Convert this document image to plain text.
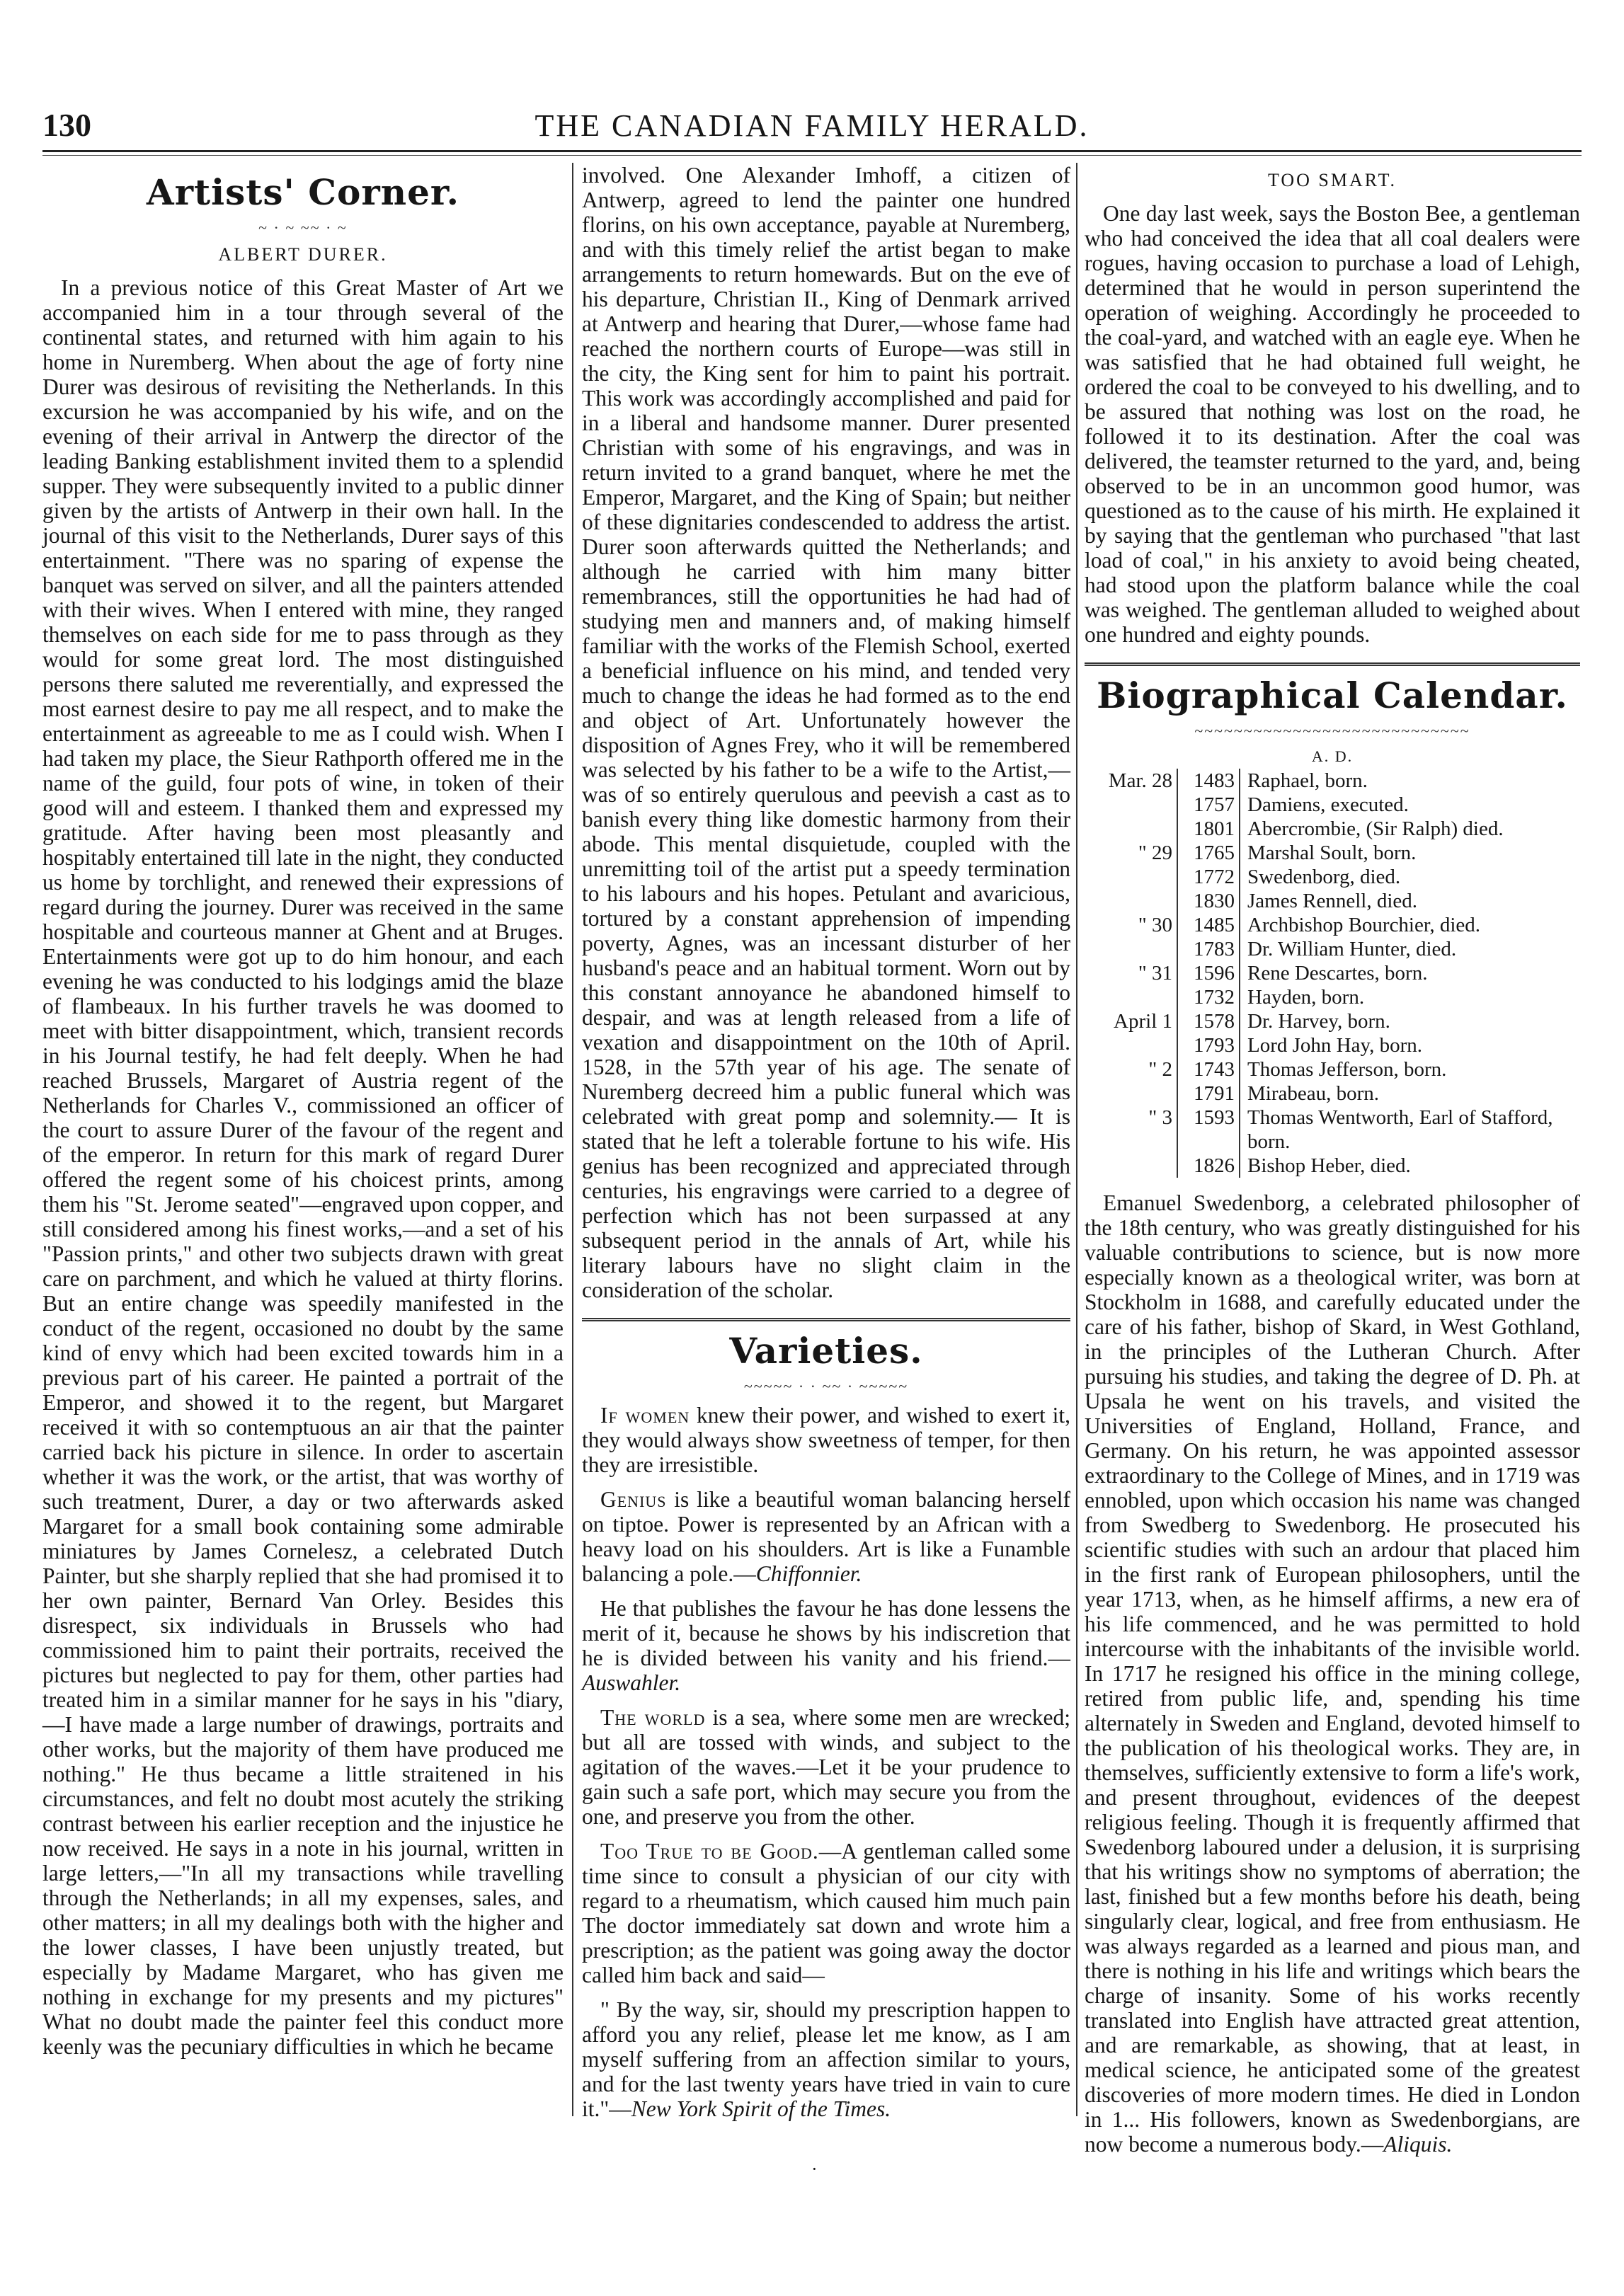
130	THE CANADIAN FAMILY HERALD.
Artists' Corner.
~ · ~ ~~ · ~
ALBERT DURER.

In a previous notice of this Great Master of Art we accompanied him in a tour through several of the continental states, and returned with him again to his home in Nuremberg. When about the age of forty nine Durer was desirous of revisiting the Netherlands. In this excursion he was accompanied by his wife, and on the evening of their arrival in Antwerp the director of the leading Banking establishment invited them to a splendid supper. They were subsequently invited to a public dinner given by the artists of Antwerp in their own hall. In the journal of this visit to the Netherlands, Durer says of this entertainment. "There was no sparing of expense the banquet was served on silver, and all the painters attended with their wives. When I entered with mine, they ranged themselves on each side for me to pass through as they would for some great lord. The most distinguished persons there saluted me reverentially, and expressed the most earnest desire to pay me all respect, and to make the entertainment as agreeable to me as I could wish. When I had taken my place, the Sieur Rathporth offered me in the name of the guild, four pots of wine, in token of their good will and esteem. I thanked them and expressed my gratitude. After having been most pleasantly and hospitably entertained till late in the night, they conducted us home by torchlight, and renewed their expressions of regard during the journey. Durer was received in the same hospitable and courteous manner at Ghent and at Bruges. Entertainments were got up to do him honour, and each evening he was conducted to his lodgings amid the blaze of flambeaux. In his further travels he was doomed to meet with bitter disappointment, which, transient records in his Journal testify, he had felt deeply. When he had reached Brussels, Margaret of Austria regent of the Netherlands for Charles V., commissioned an officer of the court to assure Durer of the favour of the regent and of the emperor. In return for this mark of regard Durer offered the regent some of his choicest prints, among them his "St. Jerome seated"—engraved upon copper, and still considered among his finest works,—and a set of his "Passion prints," and other two subjects drawn with great care on parchment, and which he valued at thirty florins. But an entire change was speedily manifested in the conduct of the regent, occasioned no doubt by the same kind of envy which had been excited towards him in a previous part of his career. He painted a portrait of the Emperor, and showed it to the regent, but Margaret received it with so contemptuous an air that the painter carried back his picture in silence. In order to ascertain whether it was the work, or the artist, that was worthy of such treatment, Durer, a day or two afterwards asked Margaret for a small book containing some admirable miniatures by James Cornelesz, a celebrated Dutch Painter, but she sharply replied that she had promised it to her own painter, Bernard Van Orley. Besides this disrespect, six individuals in Brussels who had commissioned him to paint their portraits, received the pictures but neglected to pay for them, other parties had treated him in a similar manner for he says in his "diary,—I have made a large number of drawings, portraits and other works, but the majority of them have produced me nothing." He thus became a little straitened in his circumstances, and felt no doubt most acutely the striking contrast between his earlier reception and the injustice he now received. He says in a note in his journal, written in large letters,—"In all my transactions while travelling through the Netherlands; in all my expenses, sales, and other matters; in all my dealings both with the higher and the lower classes, I have been unjustly treated, but especially by Madame Margaret, who has given me nothing in exchange for my presents and my pictures" What no doubt made the painter feel this conduct more keenly was the pecuniary difficulties in which he became

involved. One Alexander Imhoff, a citizen of Antwerp, agreed to lend the painter one hundred florins, on his own acceptance, payable at Nuremberg, and with this timely relief the artist began to make arrangements to return homewards. But on the eve of his departure, Christian II., King of Denmark arrived at Antwerp and hearing that Durer,—whose fame had reached the northern courts of Europe—was still in the city, the King sent for him to paint his portrait. This work was accordingly accomplished and paid for in a liberal and handsome manner. Durer presented Christian with some of his engravings, and was in return invited to a grand banquet, where he met the Emperor, Margaret, and the King of Spain; but neither of these dignitaries condescended to address the artist. Durer soon afterwards quitted the Netherlands; and although he carried with him many bitter remembrances, still the opportunities he had had of studying men and manners and, of making himself familiar with the works of the Flemish School, exerted a beneficial influence on his mind, and tended very much to change the ideas he had formed as to the end and object of Art. Unfortunately however the disposition of Agnes Frey, who it will be remembered was selected by his father to be a wife to the Artist,—was of so entirely querulous and peevish a cast as to banish every thing like domestic harmony from their abode. This mental disquietude, coupled with the unremitting toil of the artist put a speedy termination to his labours and his hopes. Petulant and avaricious, tortured by a constant apprehension of impending poverty, Agnes, was an incessant disturber of her husband's peace and an habitual torment. Worn out by this constant annoyance he abandoned himself to despair, and was at length released from a life of vexation and disappointment on the 10th of April. 1528, in the 57th year of his age. The senate of Nuremberg decreed him a public funeral which was celebrated with great pomp and solemnity.— It is stated that he left a tolerable fortune to his wife. His genius has been recognized and appreciated through centuries, his engravings were carried to a degree of perfection which has not been surpassed at any subsequent period in the annals of Art, while his literary labours have no slight claim in the consideration of the scholar.

Varieties.
~~~~~ · · ~~ · ~~~~~

If women knew their power, and wished to exert it, they would always show sweetness of temper, for then they are irresistible.

Genius is like a beautiful woman balancing herself on tiptoe. Power is represented by an African with a heavy load on his shoulders. Art is like a Funamble balancing a pole.—Chiffonnier.

He that publishes the favour he has done lessens the merit of it, because he shows by his indiscretion that he is divided between his vanity and his friend.—Auswahler.

The world is a sea, where some men are wrecked; but all are tossed with winds, and subject to the agitation of the waves.—Let it be your prudence to gain such a safe port, which may secure you from the one, and preserve you from the other.

Too True to be Good.—A gentleman called some time since to consult a physician of our city with regard to a rheumatism, which caused him much pain The doctor immediately sat down and wrote him a prescription; as the patient was going away the doctor called him back and said—

" By the way, sir, should my prescription happen to afford you any relief, please let me know, as I am myself suffering from an affection similar to yours, and for the last twenty years have tried in vain to cure it."—New York Spirit of the Times.

TOO SMART.

One day last week, says the Boston Bee, a gentleman who had conceived the idea that all coal dealers were rogues, having occasion to purchase a load of Lehigh, determined that he would in person superintend the operation of weighing. Accordingly he proceeded to the coal-yard, and watched with an eagle eye. When he was satisfied that he had obtained full weight, he ordered the coal to be conveyed to his dwelling, and to be assured that nothing was lost on the road, he followed it to its destination. After the coal was delivered, the teamster returned to the yard, and, being observed to be in an uncommon good humor, was questioned as to the cause of his mirth. He explained it by saying that the gentleman who purchased "that last load of coal," in his anxiety to avoid being cheated, had stood upon the platform balance while the coal was weighed. The gentleman alluded to weighed about one hundred and eighty pounds.

Biographical Calendar.
~~~~~~~~~~~~~~~~~~~~~~~~~~~~
A. D.
Mar. 28	1483	Raphael, born.
	1757	Damiens, executed.
	1801	Abercrombie, (Sir Ralph) died.
" 29	1765	Marshal Soult, born.
	1772	Swedenborg, died.
	1830	James Rennell, died.
" 30	1485	Archbishop Bourchier, died.
	1783	Dr. William Hunter, died.
" 31	1596	Rene Descartes, born.
	1732	Hayden, born.
April 1	1578	Dr. Harvey, born.
	1793	Lord John Hay, born.
" 2	1743	Thomas Jefferson, born.
	1791	Mirabeau, born.
" 3	1593	Thomas Wentworth, Earl of Stafford, born.
	1826	Bishop Heber, died.

Emanuel Swedenborg, a celebrated philosopher of the 18th century, who was greatly distinguished for his valuable contributions to science, but is now more especially known as a theological writer, was born at Stockholm in 1688, and carefully educated under the care of his father, bishop of Skard, in West Gothland, in the principles of the Lutheran Church. After pursuing his studies, and taking the degree of D. Ph. at Upsala he went on his travels, and visited the Universities of England, Holland, France, and Germany. On his return, he was appointed assessor extraordinary to the College of Mines, and in 1719 was ennobled, upon which occasion his name was changed from Swedberg to Swedenborg. He prosecuted his scientific studies with such an ardour that placed him in the first rank of European philosophers, until the year 1713, when, as he himself affirms, a new era of his life commenced, and he was permitted to hold intercourse with the inhabitants of the invisible world. In 1717 he resigned his office in the mining college, retired from public life, and, spending his time alternately in Sweden and England, devoted himself to the publication of his theological works. They are, in themselves, sufficiently extensive to form a life's work, and present throughout, evidences of the deepest religious feeling. Though it is frequently affirmed that Swedenborg laboured under a delusion, it is surprising that his writings show no symptoms of aberration; the last, finished but a few months before his death, being singularly clear, logical, and free from enthusiasm. He was always regarded as a learned and pious man, and there is nothing in his life and writings which bears the charge of insanity. Some of his works recently translated into English have attracted great attention, and are remarkable, as showing, that at least, in medical science, he anticipated some of the greatest discoveries of more modern times. He died in London in 1... His followers, known as Swedenborgians, are now become a numerous body.—Aliquis.

·
